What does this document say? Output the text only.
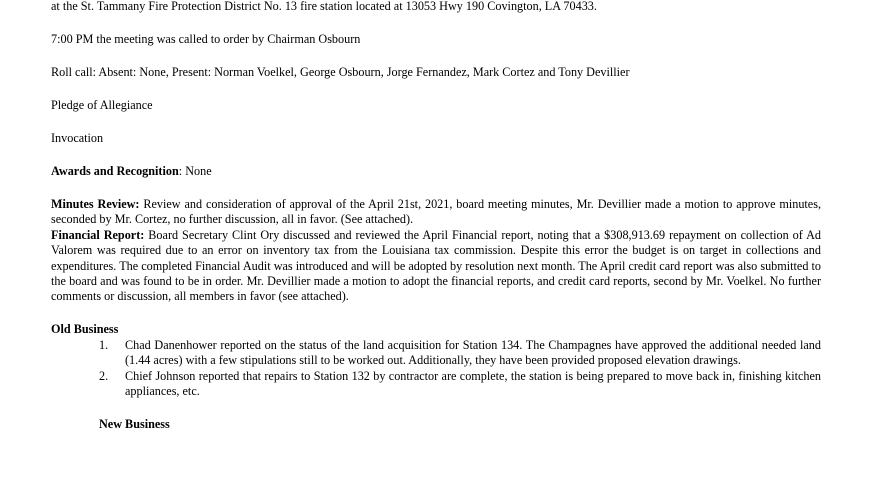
at the St. Tammany Fire Protection District No. 13 fire station located at 13053 Hwy 190 Covington, LA 70433.

7:00 PM the meeting was called to order by Chairman Osbourn

Roll call: Absent: None, Present: Norman Voelkel, George Osbourn, Jorge Fernandez, Mark Cortez and Tony Devillier

Pledge of Allegiance

Invocation

Awards and Recognition: None

Minutes Review: Review and consideration of approval of the April 21st, 2021, board meeting minutes, Mr. Devillier made a motion to approve minutes, seconded by Mr. Cortez, no further discussion, all in favor. (See attached).

Financial Report: Board Secretary Clint Ory discussed and reviewed the April Financial report, noting that a $308,913.69 repayment on collection of Ad Valorem was required due to an error on inventory tax from the Louisiana tax commission. Despite this error the budget is on target in collections and expenditures. The completed Financial Audit was introduced and will be adopted by resolution next month. The April credit card report was also submitted to the board and was found to be in order. Mr. Devillier made a motion to adopt the financial reports, and credit card reports, second by Mr. Voelkel. No further comments or discussion, all members in favor (see attached).

Old Business

1. Chad Danenhower reported on the status of the land acquisition for Station 134. The Champagnes have approved the additional needed land (1.44 acres) with a few stipulations still to be worked out. Additionally, they have been provided proposed elevation drawings.
2. Chief Johnson reported that repairs to Station 132 by contractor are complete, the station is being prepared to move back in, finishing kitchen appliances, etc.

New Business
